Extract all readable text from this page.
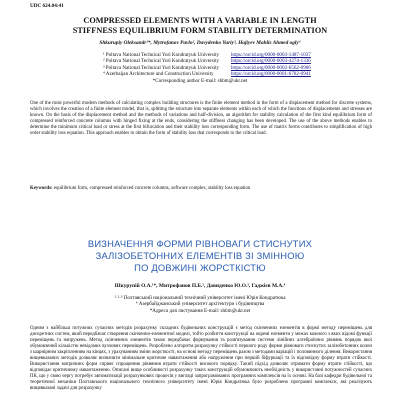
UDC 624.04:41
COMPRESSED ELEMENTS WITH A VARIABLE IN LENGTH
STIFFNESS EQUILIBRIUM FORM STABILITY DETERMINATION
Shkurupiy Oleksandr¹*, Mytrofanov Pavlo², Davydenko Yuriy³, Hajiyev Mahlis Ahmed ogly⁴
¹ Poltava National Technical Yuri Kondratyuk University https://orcid.org/0000-0003-1487-1037
² Poltava National Technical Yuri Kondratyuk University https://orcid.org/0000-0003-4274-1336
³ Poltava National Technical Yuri Kondratyuk University https://orcid.org/0000-0002-6562-0906
⁴ Azerbaijan Architecture and Construction University	https://orcid.org/0000-0001-6782-0941
*Corresponding author E-mail: shbm@ukr.net

One of the most powerful modern methods of calculating complex building structures is the finite element method in the form of a displacement method for discrete systems, which involves the creation of a finite element model, that is, splitting the structure into separate elements within each of which the functions of displacements and stresses are known. On the basis of the displacement method and the methods of variations and half-division, an algorithm for stability calculation of the first kind equilibrium form of compressed reinforced concrete columns with hinged fixing at the ends, considering the stiffness changing has been developed. The use of the above methods enables to determine the minimum critical load or stress at the first bifurcation and their stability loss corresponding form. The use of matrix forms contributes to simplification of high order stability loss equation. This approach enables to obtain the form of stability loss that corresponds to the critical load.

Keywords: equilibrium form, compressed reinforced concrete columns, software complex, stability loss equation

ВИЗНАЧЕННЯ ФОРМИ РІВНОВАГИ СТИСНУТИХ
ЗАЛІЗОБЕТОННИХ ЕЛЕМЕНТІВ ЗІ ЗМІННОЮ
ПО ДОВЖИНІ ЖОРСТКІСТЮ
Шкурупій О.А.¹*, Митрофанов П.Б.², Давиденко Ю.О.³, Гаджієв М.А.⁴
¹·²·³ Полтавський національний технічний університет імені Юрія Кондратюка
⁴ Азербайджанський університет архітектури і будівництва
*Адреса для листування E-mail: shbm@ukr.net

Одним з найбільш потужних сучасних методів розрахунку складних будівельних конструкцій є метод скінченних елементів в формі методу переміщень для дискретних систем, який передбачає створення скінченно-елементної моделі, тобто розбиття конструкції на окремі елементи у межах кожного з яких відомі функції переміщень та напружень. Метод скінченних елементів також передбачає формування та розв'язування системи лінійних алгебраїчних рівнянь порядок якої обумовлений кількістю невідомих вузлових переміщень. Розроблено алгоритм розрахунку стійкості першого роду форми рівноваги стиснутих залізобетонних колон з шарнірним закріпленням на кінцях, з урахуванням зміни жорсткості, на основі методу переміщень разом з методами варіацій і половинного ділення. Використання вищевказаних методів дозволяє визначити мінімальне критичне навантаження або напруження при першій біфуркації та їх відповідну форму втрати стійкості. Використання матричних форм сприяє спрощенню рівняння втрати стійкості високого порядку. Такий підхід дозволяє отримати форму втрати стійкості, що відповідає критичному навантаженню. Описані вище особливості розрахунку таких конструкцій обумовлюють необхідність у використанні потужностей сучасних ПК, що у свою чергу потребує автоматизації розрахункових процесів у вигляді запрограмованих програмних комплексів на їх основі. На базі кафедри будівельної та теоретичної механіки Полтавського національного технічного університету імені Юрія Кондратюка було розроблено програмні комплекси, які реалізують вищевказані задачі для розрахунку
